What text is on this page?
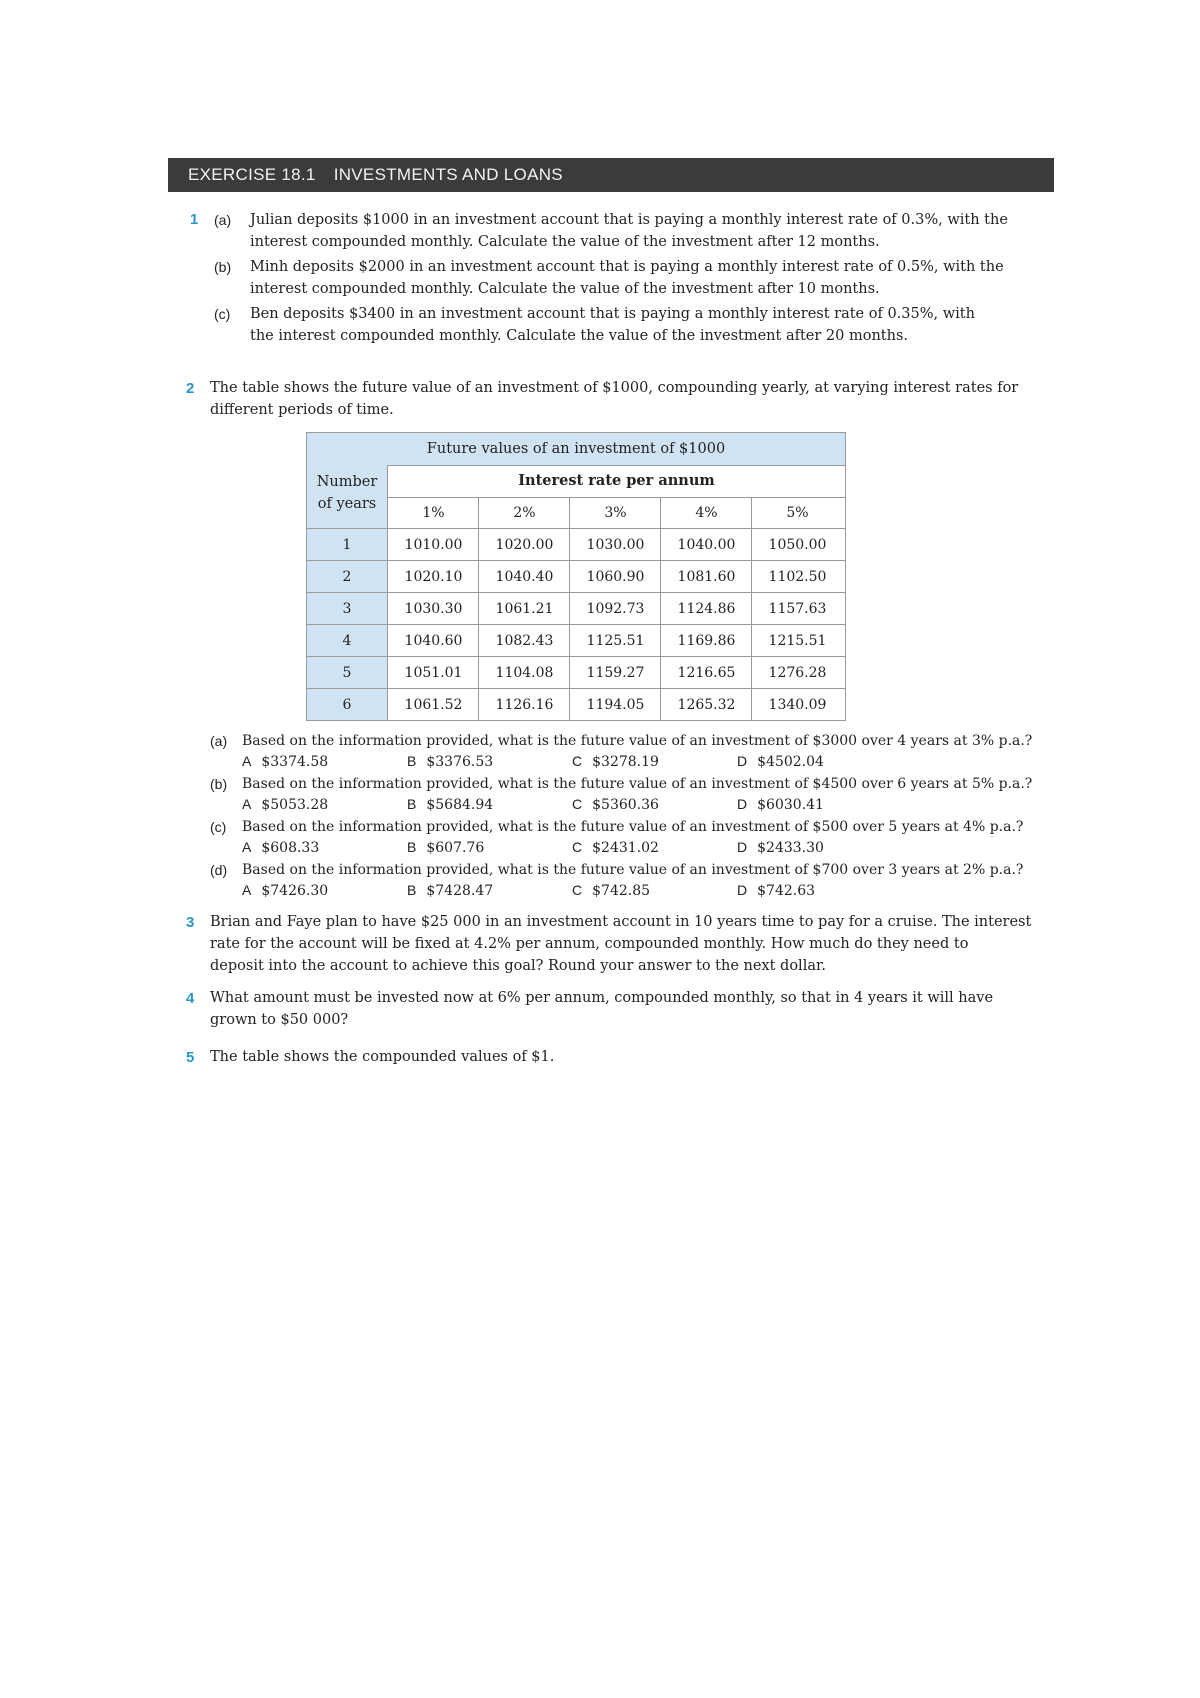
EXERCISE 18.1 INVESTMENTS AND LOANS
1 (a) Julian deposits $1000 in an investment account that is paying a monthly interest rate of 0.3%, with the
interest compounded monthly. Calculate the value of the investment after 12 months.
(b) Minh deposits $2000 in an investment account that is paying a monthly interest rate of 0.5%, with the
interest compounded monthly. Calculate the value of the investment after 10 months.
(c) Ben deposits $3400 in an investment account that is paying a monthly interest rate of 0.35%, with
the interest compounded monthly. Calculate the value of the investment after 20 months.
2 The table shows the future value of an investment of $1000, compounding yearly, at varying interest rates for
different periods of time.
Future values of an investment of $1000
Number
of years
Interest rate per annum
1%	2%	3%	4%	5%
1	1010.00	1020.00	1030.00	1040.00	1050.00
2	1020.10	1040.40	1060.90	1081.60	1102.50
3	1030.30	1061.21	1092.73	1124.86	1157.63
4	1040.60	1082.43	1125.51	1169.86	1215.51
5	1051.01	1104.08	1159.27	1216.65	1276.28
6	1061.52	1126.16	1194.05	1265.32	1340.09
(a) Based on the information provided, what is the future value of an investment of $3000 over 4 years at 3% p.a.?
A $3374.58	B $3376.53	C $3278.19	D $4502.04
(b) Based on the information provided, what is the future value of an investment of $4500 over 6 years at 5% p.a.?
A $5053.28	B $5684.94	C $5360.36	D $6030.41
(c) Based on the information provided, what is the future value of an investment of $500 over 5 years at 4% p.a.?
A $608.33	B $607.76	C $2431.02	D $2433.30
(d) Based on the information provided, what is the future value of an investment of $700 over 3 years at 2% p.a.?
A $7426.30	B $7428.47	C $742.85	D $742.63
3 Brian and Faye plan to have $25 000 in an investment account in 10 years time to pay for a cruise. The interest
rate for the account will be fixed at 4.2% per annum, compounded monthly. How much do they need to
deposit into the account to achieve this goal? Round your answer to the next dollar.
4 What amount must be invested now at 6% per annum, compounded monthly, so that in 4 years it will have
grown to $50 000?
5 The table shows the compounded values of $1.
